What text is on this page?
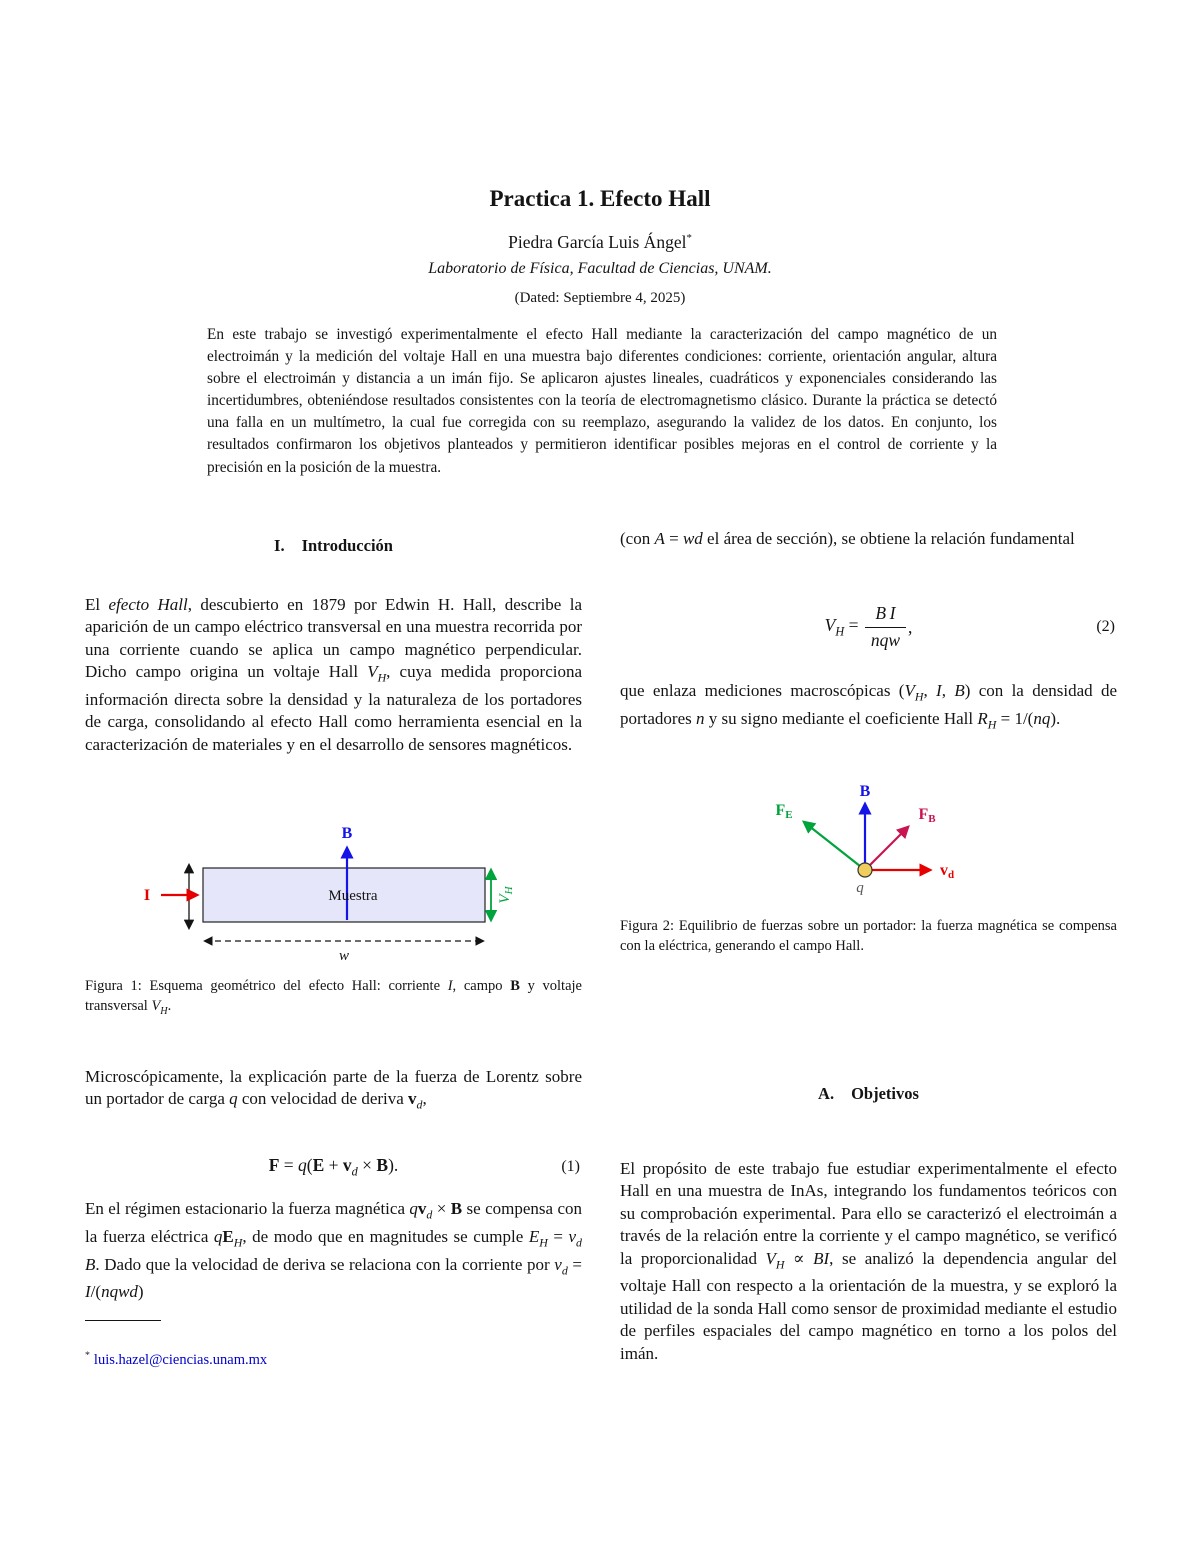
Practica 1. Efecto Hall
Piedra García Luis Ángel*
Laboratorio de Física, Facultad de Ciencias, UNAM.
(Dated: Septiembre 4, 2025)
En este trabajo se investigó experimentalmente el efecto Hall mediante la caracterización del campo magnético de un electroimán y la medición del voltaje Hall en una muestra bajo diferentes condiciones: corriente, orientación angular, altura sobre el electroimán y distancia a un imán fijo. Se aplicaron ajustes lineales, cuadráticos y exponenciales considerando las incertidumbres, obteniéndose resultados consistentes con la teoría de electromagnetismo clásico. Durante la práctica se detectó una falla en un multímetro, la cual fue corregida con su reemplazo, asegurando la validez de los datos. En conjunto, los resultados confirmaron los objetivos planteados y permitieron identificar posibles mejoras en el control de corriente y la precisión en la posición de la muestra.
I. Introducción
El efecto Hall, descubierto en 1879 por Edwin H. Hall, describe la aparición de un campo eléctrico transversal en una muestra recorrida por una corriente cuando se aplica un campo magnético perpendicular. Dicho campo origina un voltaje Hall $V_H$, cuya medida proporciona información directa sobre la densidad y la naturaleza de los portadores de carga, consolidando al efecto Hall como herramienta esencial en la caracterización de materiales y en el desarrollo de sensores magnéticos.
I
B
Muestra	$V_H$
w
Figura 1: Esquema geométrico del efecto Hall: corriente I, campo B y voltaje transversal $V_H$.
Microscópicamente, la explicación parte de la fuerza de Lorentz sobre un portador de carga q con velocidad de deriva $v_d$,
$F = q(E + v_d \times B)$.	(1)
En el régimen estacionario la fuerza magnética $qv_d \times B$ se compensa con la fuerza eléctrica $qE_H$, de modo que en magnitudes se cumple $E_H = v_d$ B. Dado que la velocidad de deriva se relaciona con la corriente por $v_d$ = I/(nqwd)
* luis.hazel@ciencias.unam.mx
(con A = wd el área de sección), se obtiene la relación fundamental
$V_H = \frac{\text{B I}}{\text{nqw}}$ ,	(2)
que enlaza mediciones macroscópicas ($V_H$, I, B) con la densidad de portadores n y su signo mediante el coeficiente Hall $R_H = 1/(nq)$.
B
FE	FB
vd
q
Figura 2: Equilibrio de fuerzas sobre un portador: la fuerza magnética se compensa con la eléctrica, generando el campo Hall.
A. Objetivos
El propósito de este trabajo fue estudiar experimentalmente el efecto Hall en una muestra de InAs, integrando los fundamentos teóricos con su comprobación experimental. Para ello se caracterizó el electroimán a través de la relación entre la corriente y el campo magnético, se verificó la proporcionalidad $V_H$ ∝ BI, se analizó la dependencia angular del voltaje Hall con respecto a la orientación de la muestra, y se exploró la utilidad de la sonda Hall como sensor de proximidad mediante el estudio de perfiles espaciales del campo magnético en torno a los polos del imán.
